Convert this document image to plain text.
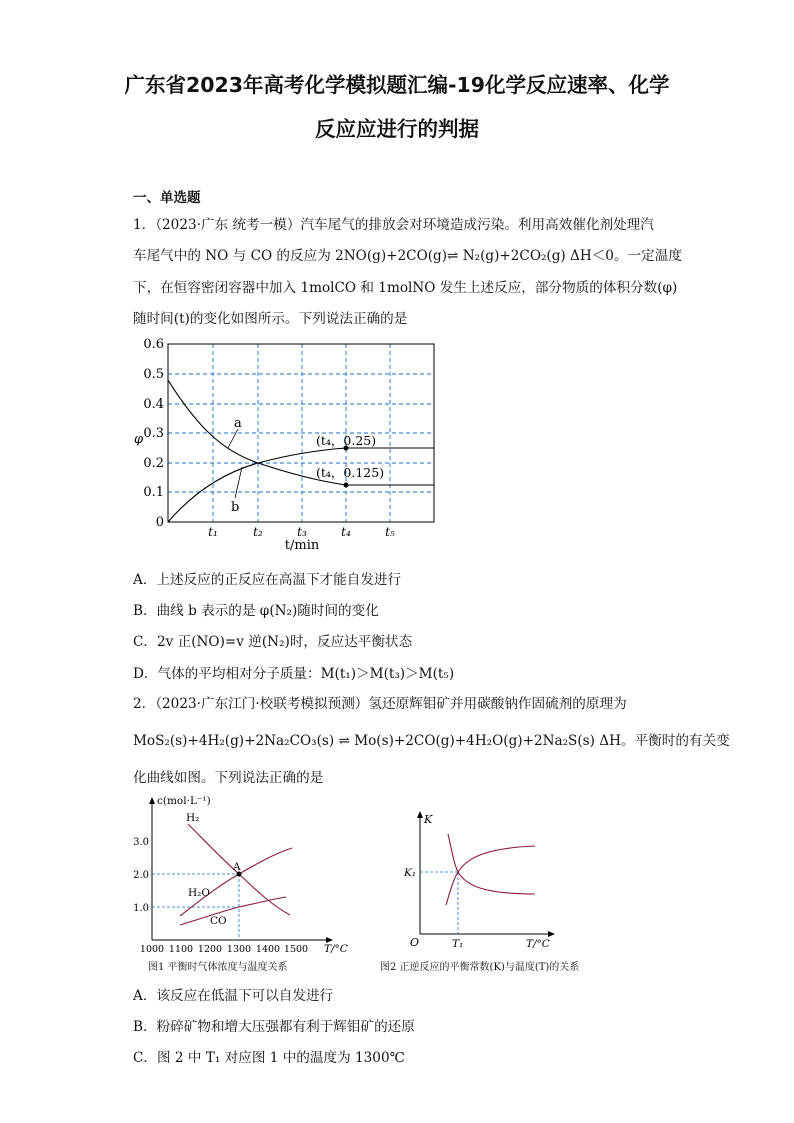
广东省2023年高考化学模拟题汇编-19化学反应速率、化学
反应应进行的判据
一、单选题
1．（2023·广东 统考一模）汽车尾气的排放会对环境造成污染。利用高效催化剂处理汽
车尾气中的 NO 与 CO 的反应为 2NO(g)+2CO(g)⇌ N₂(g)+2CO₂(g) ΔH＜0。一定温度
下，在恒容密闭容器中加入 1molCO 和 1molNO 发生上述反应，部分物质的体积分数(φ)
随时间(t)的变化如图所示。下列说法正确的是
0
0.1
0.2
0.3
0.4
0.5
0.6
φ
t₁	t₂	t₃	t₄	t₅
t/min
(t₄，0.25)
(t₄，0.125)
a
b
A．上述反应的正反应在高温下才能自发进行
B．曲线 b 表示的是 φ(N₂)随时间的变化
C．2v 正(NO)=v 逆(N₂)时，反应达平衡状态
D．气体的平均相对分子质量：M(t₁)＞M(t₃)＞M(t₅)
2．（2023·广东江门·校联考模拟预测）氢还原辉钼矿并用碳酸钠作固硫剂的原理为
MoS₂(s)+4H₂(g)+2Na₂CO₃(s) ⇌ Mo(s)+2CO(g)+4H₂O(g)+2Na₂S(s) ΔH。平衡时的有关变
化曲线如图。下列说法正确的是
c(mol·L⁻¹)
T/°C
1.0
2.0
3.0
1000 1100 1200 1300 1400 1500
A
H₂
H₂O
CO
图1 平衡时气体浓度与温度关系
K
T/°C
O	T₁
K₁
图2 正逆反应的平衡常数(K)与温度(T)的关系
A．该反应在低温下可以自发进行
B．粉碎矿物和增大压强都有利于辉钼矿的还原
C．图 2 中 T₁ 对应图 1 中的温度为 1300℃
